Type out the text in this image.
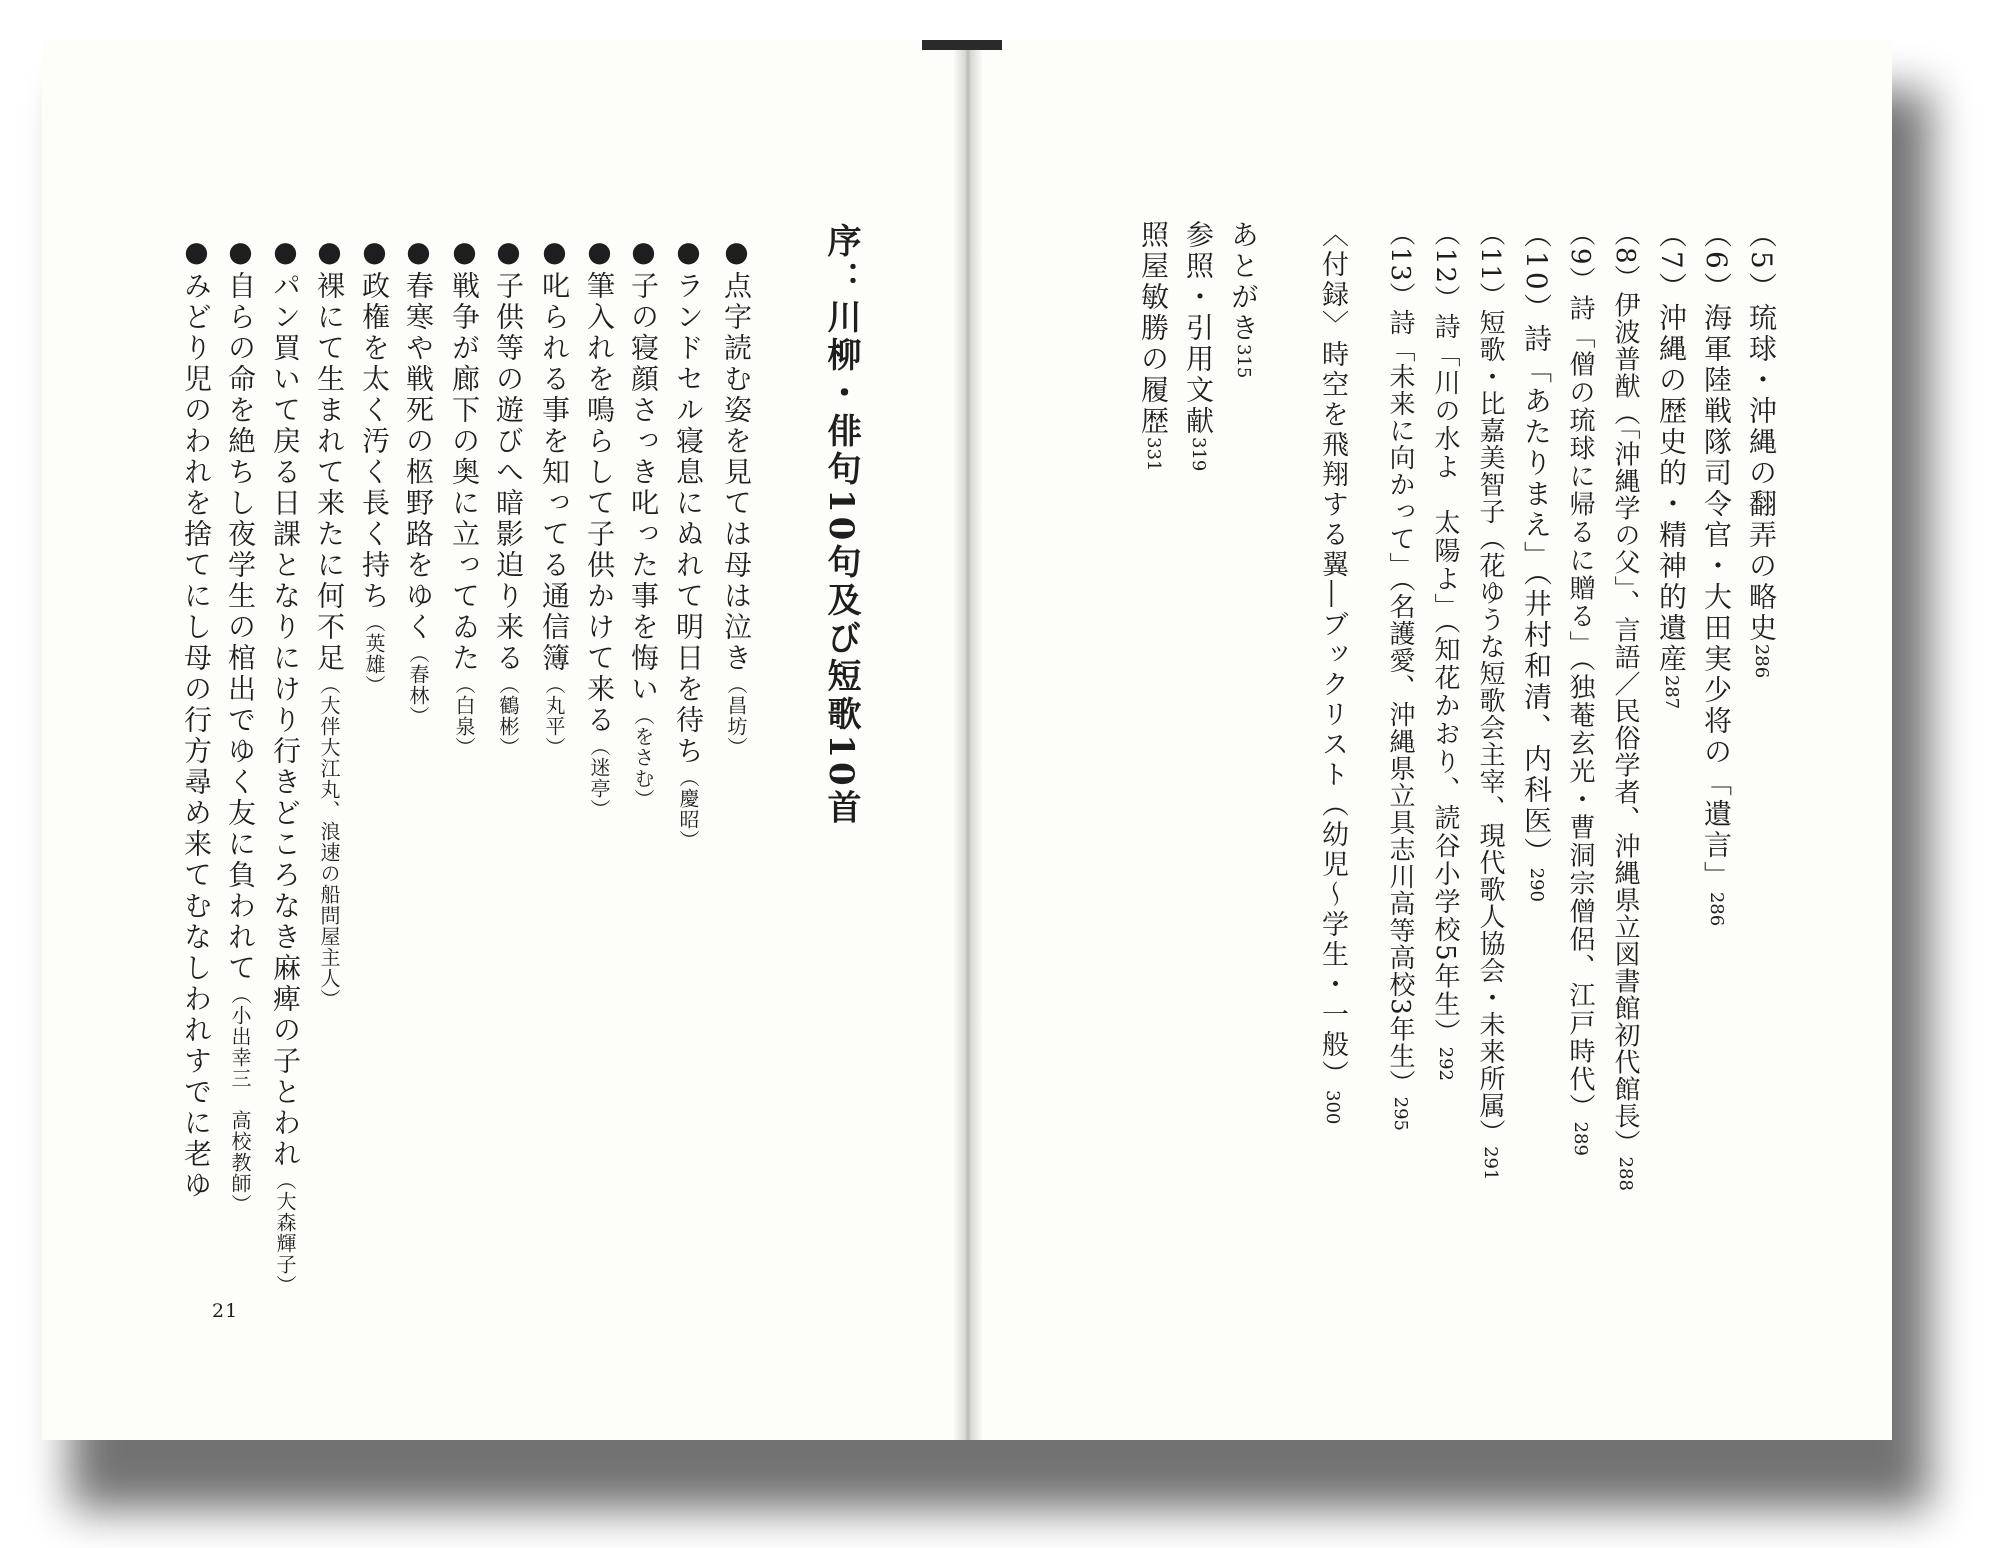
序：川柳・俳句10句及び短歌10首
●点字読む姿を見ては母は泣き（昌坊）
●ランドセル寝息にぬれて明日を待ち（慶昭）
●子の寝顔さっき叱った事を悔い（をさむ）
●筆入れを鳴らして子供かけて来る（迷亭）
●叱られる事を知ってる通信簿（丸平）
●子供等の遊びへ暗影迫り来る（鶴彬）
●戦争が廊下の奥に立ってゐた（白泉）
●春寒や戦死の柩野路をゆく（春林）
●政権を太く汚く長く持ち（英雄）
●裸にて生まれて来たに何不足（大伴大江丸、浪速の船問屋主人）
●パン買いて戻る日課となりにけり行きどころなき麻痺の子とわれ（大森輝子）
●自らの命を絶ちし夜学生の棺出でゆく友に負われて（小出幸三　高校教師）
●みどり児のわれを捨てにし母の行方尋め来てむなしわれすでに老ゆ
21
（5）琉球・沖縄の翻弄の略史286
（6）海軍陸戦隊司令官・大田実少将の「遺言」286
（7）沖縄の歴史的・精神的遺産287
（8）伊波普猷（「沖縄学の父」、言語／民俗学者、沖縄県立図書館初代館長）288
（9）詩「僧の琉球に帰るに贈る」（独菴玄光・曹洞宗僧侶、江戸時代）289
（10）詩「あたりまえ」（井村和清、内科医）290
（11）短歌・比嘉美智子（花ゆうな短歌会主宰、現代歌人協会・未来所属）291
（12）詩「川の水よ　太陽よ」（知花かおり、読谷小学校5年生）292
（13）詩「未来に向かって」（名護愛、沖縄県立具志川高等高校3年生）295
〈付録〉時空を飛翔する翼―ブックリスト（幼児～学生・一般）300
あとがき315
参照・引用文献319
照屋敏勝の履歴331
